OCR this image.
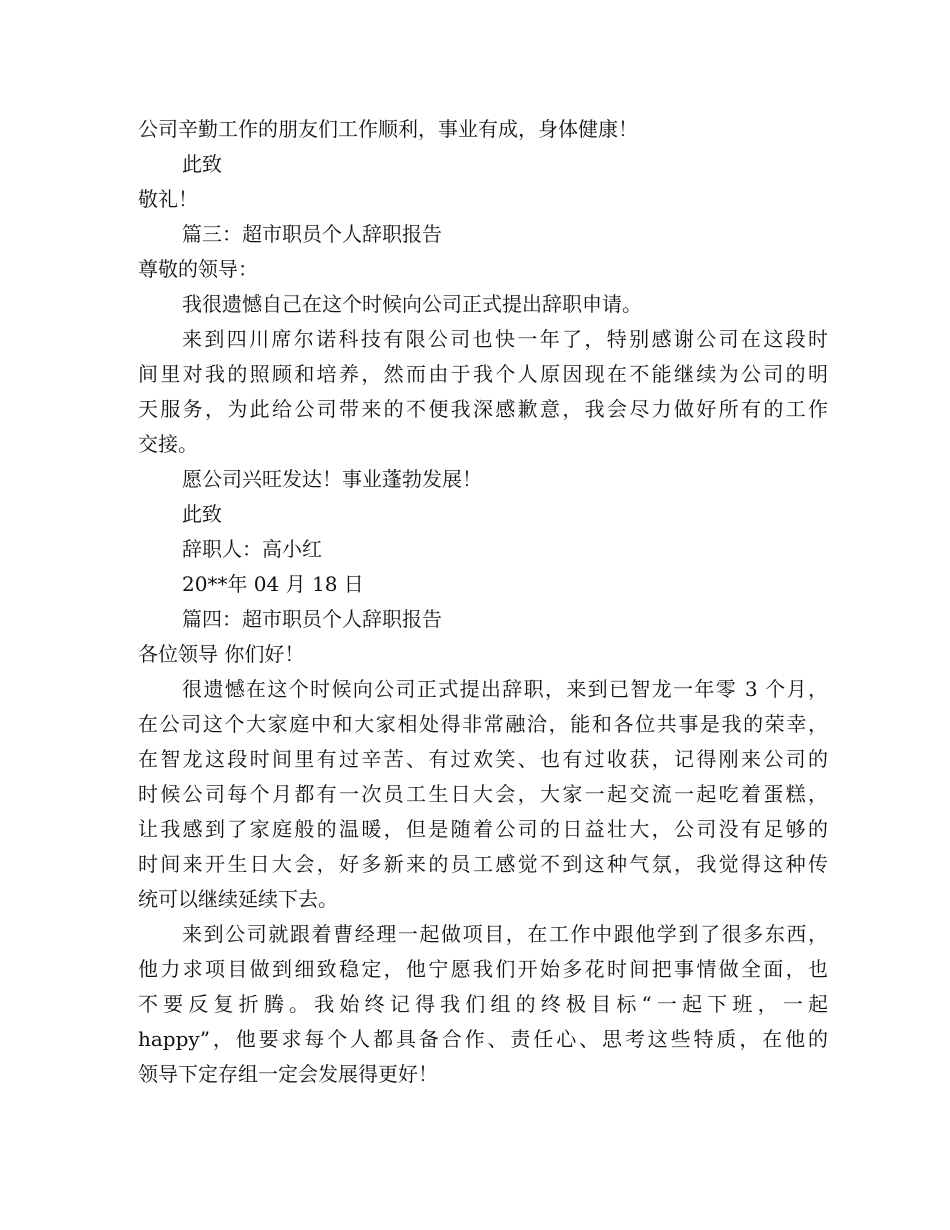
公司辛勤工作的朋友们工作顺利，事业有成，身体健康！
此致
敬礼！
篇三：超市职员个人辞职报告
尊敬的领导：
我很遗憾自己在这个时候向公司正式提出辞职申请。
来到四川席尔诺科技有限公司也快一年了，特别感谢公司在这段时
间里对我的照顾和培养，然而由于我个人原因现在不能继续为公司的明
天服务，为此给公司带来的不便我深感歉意，我会尽力做好所有的工作
交接。
愿公司兴旺发达！事业蓬勃发展！
此致
辞职人：高小红
20**年 04 月 18 日
篇四：超市职员个人辞职报告
各位领导 你们好！
很遗憾在这个时候向公司正式提出辞职，来到已智龙一年零 3 个月，
在公司这个大家庭中和大家相处得非常融洽，能和各位共事是我的荣幸，
在智龙这段时间里有过辛苦、有过欢笑、也有过收获，记得刚来公司的
时候公司每个月都有一次员工生日大会，大家一起交流一起吃着蛋糕，
让我感到了家庭般的温暖，但是随着公司的日益壮大，公司没有足够的
时间来开生日大会，好多新来的员工感觉不到这种气氛，我觉得这种传
统可以继续延续下去。
来到公司就跟着曹经理一起做项目，在工作中跟他学到了很多东西，
他力求项目做到细致稳定，他宁愿我们开始多花时间把事情做全面，也
不要反复折腾。我始终记得我们组的终极目标“一起下班，一起
happy”，他要求每个人都具备合作、责任心、思考这些特质，在他的
领导下定存组一定会发展得更好！
